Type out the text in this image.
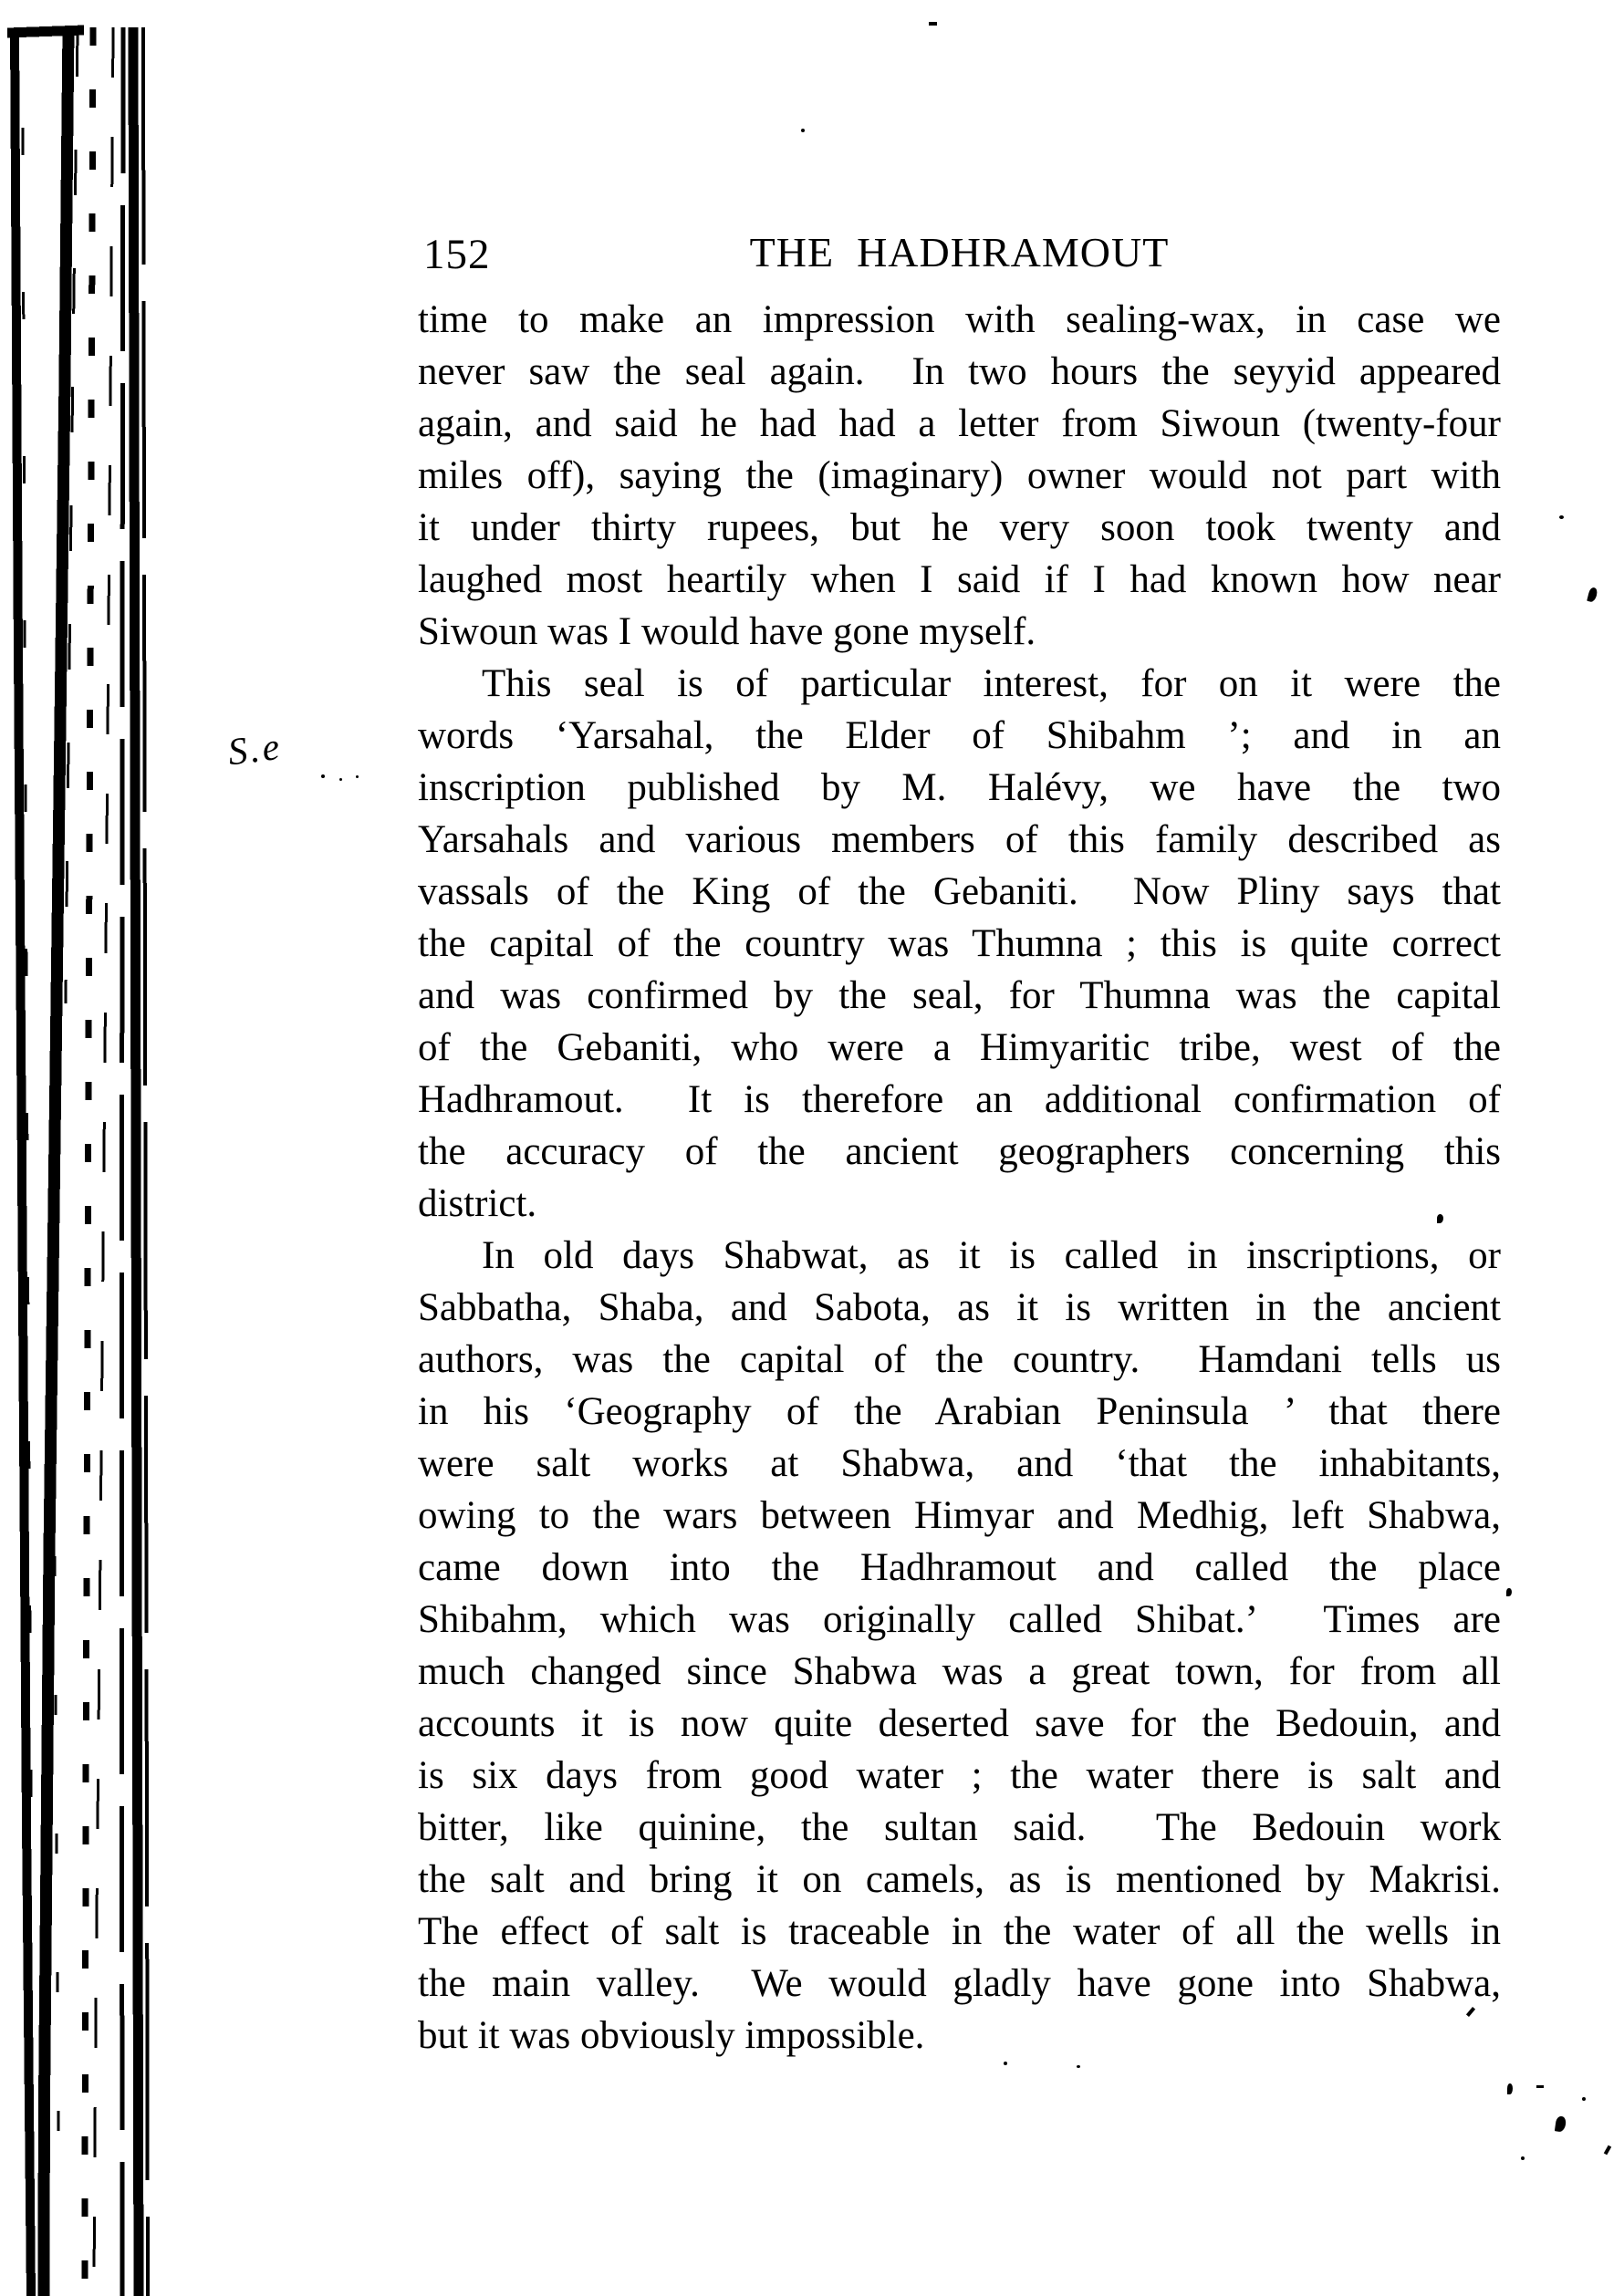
152	THE  HADHRAMOUT
S.e
time to make an impression with sealing-wax, in case we
never saw the seal again.  In two hours the seyyid appeared
again, and said he had had a letter from Siwoun (twenty-four
miles off), saying the (imaginary) owner would not part with
it under thirty rupees, but he very soon took twenty and
laughed most heartily when I said if I had known how near
Siwoun was I would have gone myself.
This seal is of particular interest, for on it were the
words ‘Yarsahal, the Elder of Shibahm ’; and in an
inscription published by M. Halévy, we have the two
Yarsahals and various members of this family described as
vassals of the King of the Gebaniti.  Now Pliny says that
the capital of the country was Thumna ; this is quite correct
and was confirmed by the seal, for Thumna was the capital
of the Gebaniti, who were a Himyaritic tribe, west of the
Hadhramout.  It is therefore an additional confirmation of
the accuracy of the ancient geographers concerning this
district.
In old days Shabwat, as it is called in inscriptions, or
Sabbatha, Shaba, and Sabota, as it is written in the ancient
authors, was the capital of the country.  Hamdani tells us
in his ‘Geography of the Arabian Peninsula ’ that there
were salt works at Shabwa, and ‘that the inhabitants,
owing to the wars between Himyar and Medhig, left Shabwa,
came down into the Hadhramout and called the place
Shibahm, which was originally called Shibat.’  Times are
much changed since Shabwa was a great town, for from all
accounts it is now quite deserted save for the Bedouin, and
is six days from good water ; the water there is salt and
bitter, like quinine, the sultan said.  The Bedouin work
the salt and bring it on camels, as is mentioned by Makrisi.
The effect of salt is traceable in the water of all the wells in
the main valley.  We would gladly have gone into Shabwa,
but it was obviously impossible.
